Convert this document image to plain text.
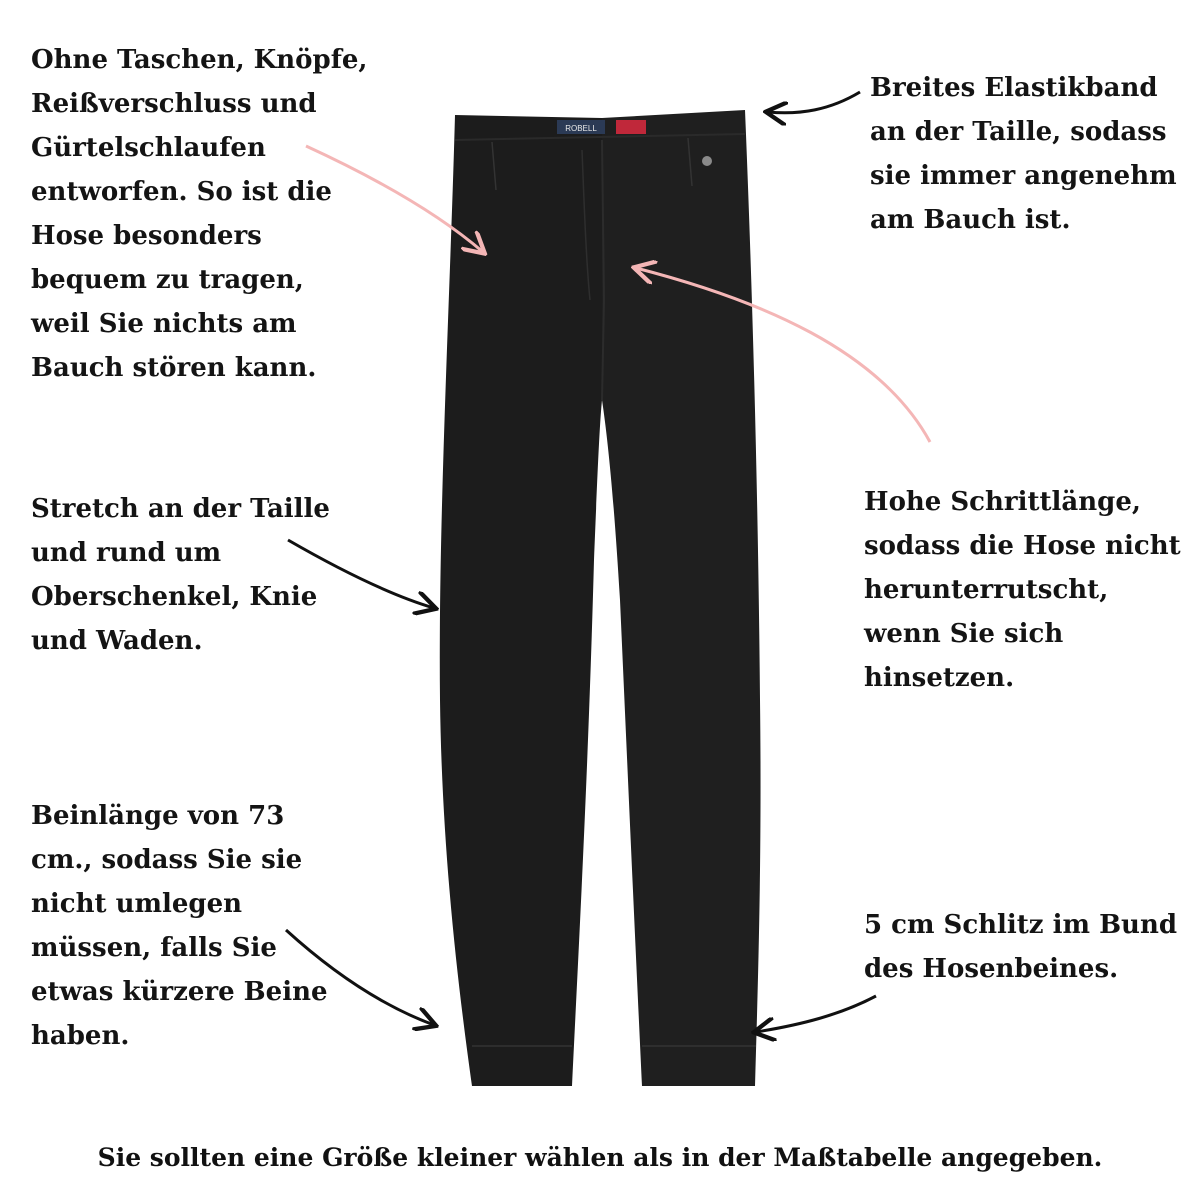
ROBELL

Ohne Taschen, Knöpfe, Reißverschluss und Gürtelschlaufen entworfen. So ist die Hose besonders bequem zu tragen, weil Sie nichts am Bauch stören kann.

Breites Elastikband an der Taille, sodass sie immer angenehm am Bauch ist.

Stretch an der Taille und rund um Oberschenkel, Knie und Waden.

Hohe Schrittlänge, sodass die Hose nicht herunterrutscht, wenn Sie sich hinsetzen.

Beinlänge von 73 cm., sodass Sie sie nicht umlegen müssen, falls Sie etwas kürzere Beine haben.

5 cm Schlitz im Bund des Hosenbeines.

Sie sollten eine Größe kleiner wählen als in der Maßtabelle angegeben.
